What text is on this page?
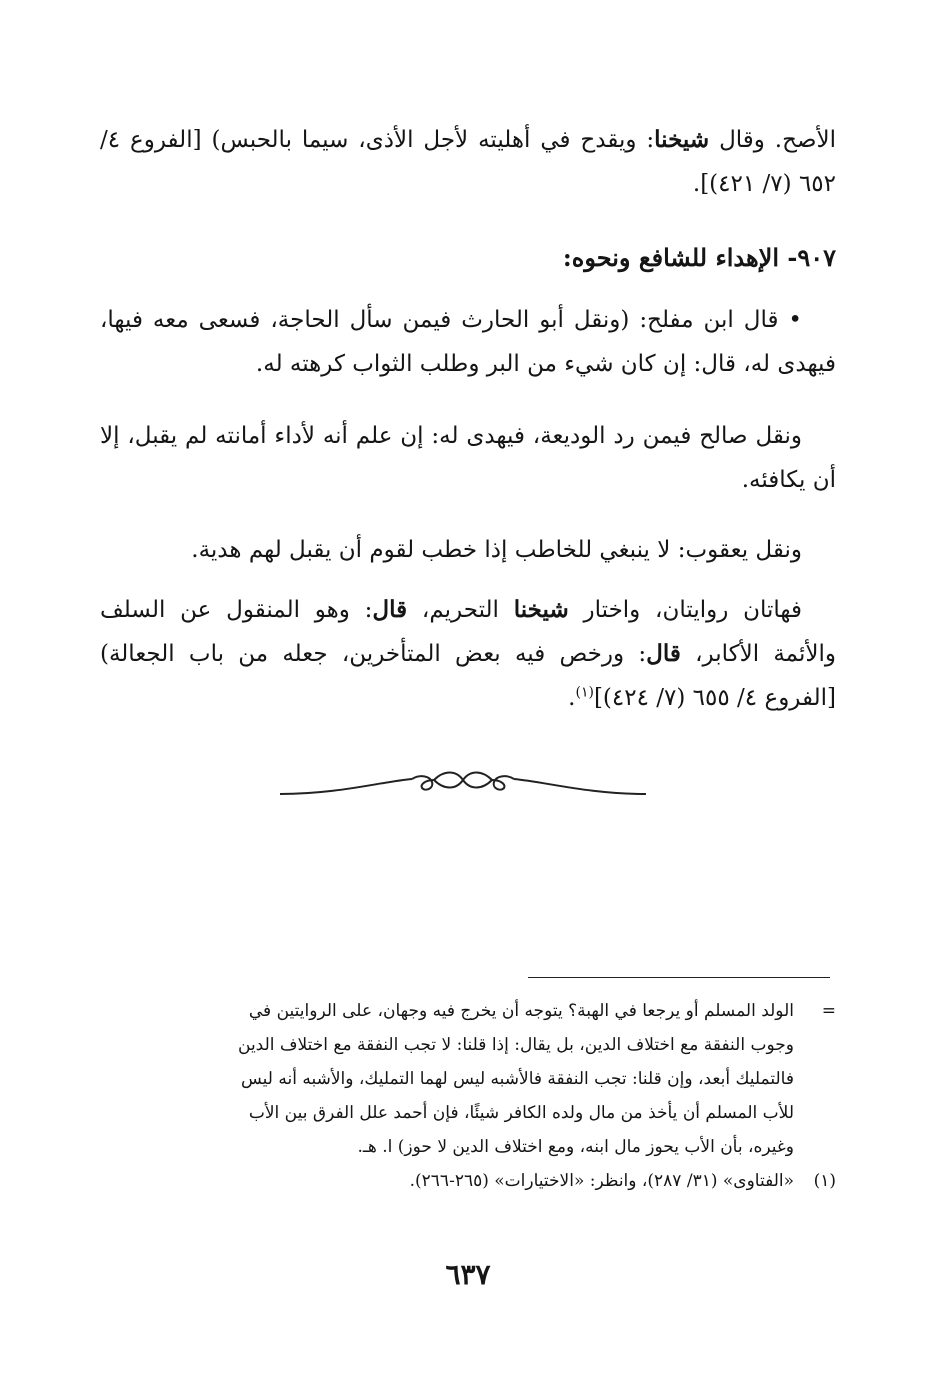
الأصح. وقال شيخنا: ويقدح في أهليته لأجل الأذى، سيما بالحبس) [الفروع ٤/ ٦٥٢ (٧/ ٤٢١)].

٩٠٧- الإهداء للشافع ونحوه:

• قال ابن مفلح: (ونقل أبو الحارث فيمن سأل الحاجة، فسعى معه فيها، فيهدى له، قال: إن كان شيء من البر وطلب الثواب كرهته له.

ونقل صالح فيمن رد الوديعة، فيهدى له: إن علم أنه لأداء أمانته لم يقبل، إلا أن يكافئه.

ونقل يعقوب: لا ينبغي للخاطب إذا خطب لقوم أن يقبل لهم هدية.

فهاتان روايتان، واختار شيخنا التحريم، قال: وهو المنقول عن السلف والأئمة الأكابر، قال: ورخص فيه بعض المتأخرين، جعله من باب الجعالة) [الفروع ٤/ ٦٥٥ (٧/ ٤٢٤)]$^{(١)}$.

=الولد المسلم أو يرجعا في الهبة؟ يتوجه أن يخرج فيه وجهان، على الروايتين في
وجوب النفقة مع اختلاف الدين، بل يقال: إذا قلنا: لا تجب النفقة مع اختلاف الدين
فالتمليك أبعد، وإن قلنا: تجب النفقة فالأشبه ليس لهما التمليك، والأشبه أنه ليس
للأب المسلم أن يأخذ من مال ولده الكافر شيئًا، فإن أحمد علل الفرق بين الأب
وغيره، بأن الأب يحوز مال ابنه، ومع اختلاف الدين لا حوز) ا. هـ.
(١)«الفتاوى» (٣١/ ٢٨٧)، وانظر: «الاختيارات» (٢٦٥-٢٦٦).
٦٣٧
